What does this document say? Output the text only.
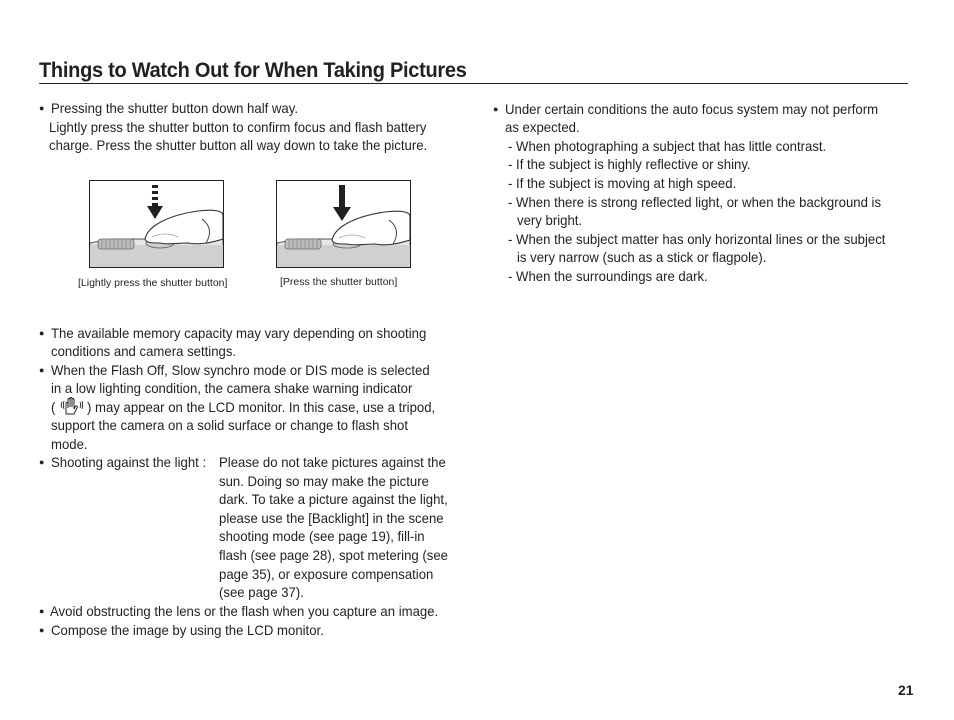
Things to Watch Out for When Taking Pictures
● Pressing the shutter button down half way.
Lightly press the shutter button to confirm focus and flash battery
charge. Press the shutter button all way down to take the picture.
[Lightly press the shutter button]	[Press the shutter button]
● The available memory capacity may vary depending on shooting
conditions and camera settings.
● When the Flash Off, Slow synchro mode or DIS mode is selected
in a low lighting condition, the camera shake warning indicator
( ) may appear on the LCD monitor. In this case, use a tripod,
support the camera on a solid surface or change to flash shot
mode.
● Shooting against the light : Please do not take pictures against the
sun. Doing so may make the picture
dark. To take a picture against the light,
please use the [Backlight] in the scene
shooting mode (see page 19), fill-in
flash (see page 28), spot metering (see
page 35), or exposure compensation
(see page 37).
● Avoid obstructing the lens or the flash when you capture an image.
● Compose the image by using the LCD monitor.
● Under certain conditions the auto focus system may not perform
as expected.
- When photographing a subject that has little contrast.
- If the subject is highly reflective or shiny.
- If the subject is moving at high speed.
- When there is strong reflected light, or when the background is
very bright.
- When the subject matter has only horizontal lines or the subject
is very narrow (such as a stick or flagpole).
- When the surroundings are dark.
21
